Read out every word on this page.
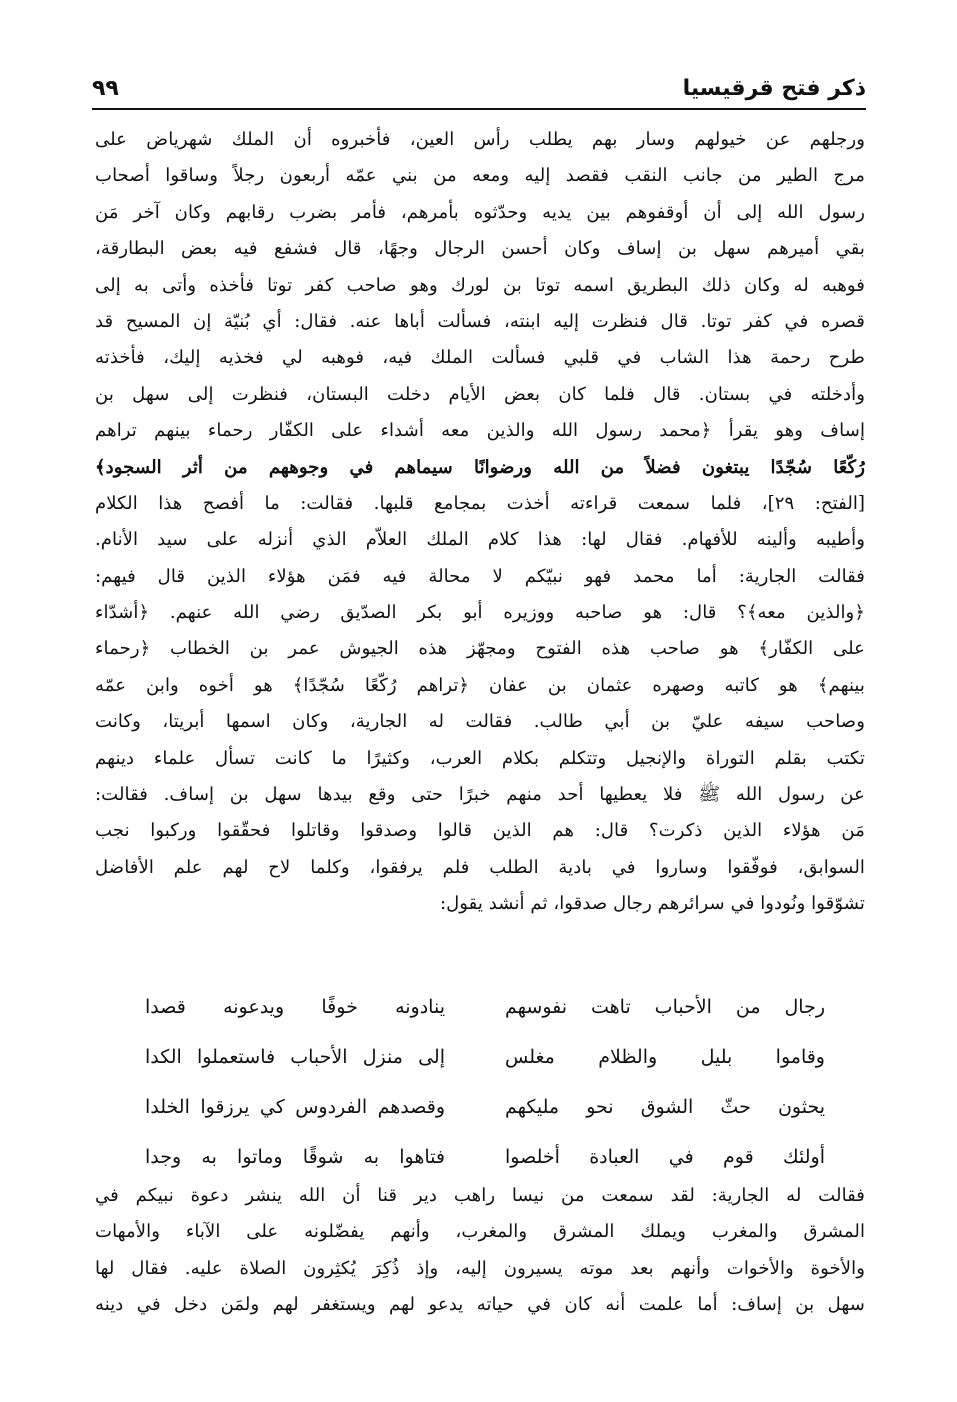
ذكر فتح قرقيسيا
٩٩
ورجلهم عن خيولهم وسار بهم يطلب رأس العين، فأخبروه أن الملك شهرياض على
مرج الطير من جانب النقب فقصد إليه ومعه من بني عمّه أربعون رجلاً وساقوا أصحاب
رسول الله إلى أن أوقفوهم بين يديه وحدّثوه بأمرهم، فأمر بضرب رقابهم وكان آخر مَن
بقي أميرهم سهل بن إساف وكان أحسن الرجال وجهًا، قال فشفع فيه بعض البطارقة،
فوهبه له وكان ذلك البطريق اسمه توتا بن لورك وهو صاحب كفر توتا فأخذه وأتى به إلى
قصره في كفر توتا. قال فنظرت إليه ابنته، فسألت أباها عنه. فقال: أي بُنيّة إن المسيح قد
طرح رحمة هذا الشاب في قلبي فسألت الملك فيه، فوهبه لي فخذيه إليك، فأخذته
وأدخلته في بستان. قال فلما كان بعض الأيام دخلت البستان، فنظرت إلى سهل بن
إساف وهو يقرأ ﴿محمد رسول الله والذين معه أشداء على الكفّار رحماء بينهم تراهم
رُكّعًا سُجّدًا يبتغون فضلاً من الله ورضوانًا سيماهم في وجوههم من أثر السجود﴾
[الفتح: ٢٩]، فلما سمعت قراءته أخذت بمجامع قلبها. فقالت: ما أفصح هذا الكلام
وأطيبه وألينه للأفهام. فقال لها: هذا كلام الملك العلاّم الذي أنزله على سيد الأنام.
فقالت الجارية: أما محمد فهو نبيّكم لا محالة فيه فمَن هؤلاء الذين قال فيهم:
﴿والذين معه﴾؟ قال: هو صاحبه ووزيره أبو بكر الصدّيق رضي الله عنهم. ﴿أشدّاء
على الكفّار﴾ هو صاحب هذه الفتوح ومجهّز هذه الجيوش عمر بن الخطاب ﴿رحماء
بينهم﴾ هو كاتبه وصهره عثمان بن عفان ﴿تراهم رُكّعًا سُجّدًا﴾ هو أخوه وابن عمّه
وصاحب سيفه عليّ بن أبي طالب. فقالت له الجارية، وكان اسمها أبريتا، وكانت
تكتب بقلم التوراة والإنجيل وتتكلم بكلام العرب، وكثيرًا ما كانت تسأل علماء دينهم
عن رسول الله ﷺ فلا يعطيها أحد منهم خبرًا حتى وقع بيدها سهل بن إساف. فقالت:
مَن هؤلاء الذين ذكرت؟ قال: هم الذين قالوا وصدقوا وقاتلوا فحقّقوا وركبوا نجب
السوابق، فوفّقوا وساروا في بادية الطلب فلم يرفقوا، وكلما لاح لهم علم الأفاضل
تشوّقوا ونُودوا في سرائرهم رجال صدقوا، ثم أنشد يقول:
رجال من الأحباب تاهت نفوسهم
ينادونه خوفًا ويدعونه قصدا
وقاموا بليل والظلام مغلس
إلى منزل الأحباب فاستعملوا الكدا
يحثون حثّ الشوق نحو مليكهم
وقصدهم الفردوس كي يرزقوا الخلدا
أولئك قوم في العبادة أخلصوا
فتاهوا به شوقًا وماتوا به وجدا
فقالت له الجارية: لقد سمعت من نيسا راهب دير قنا أن الله ينشر دعوة نبيكم في
المشرق والمغرب ويملك المشرق والمغرب، وأنهم يفضّلونه على الآباء والأمهات
والأخوة والأخوات وأنهم بعد موته يسيرون إليه، وإذ ذُكِرَ يُكثِرون الصلاة عليه. فقال لها
سهل بن إساف: أما علمت أنه كان في حياته يدعو لهم ويستغفر لهم ولمَن دخل في دينه
